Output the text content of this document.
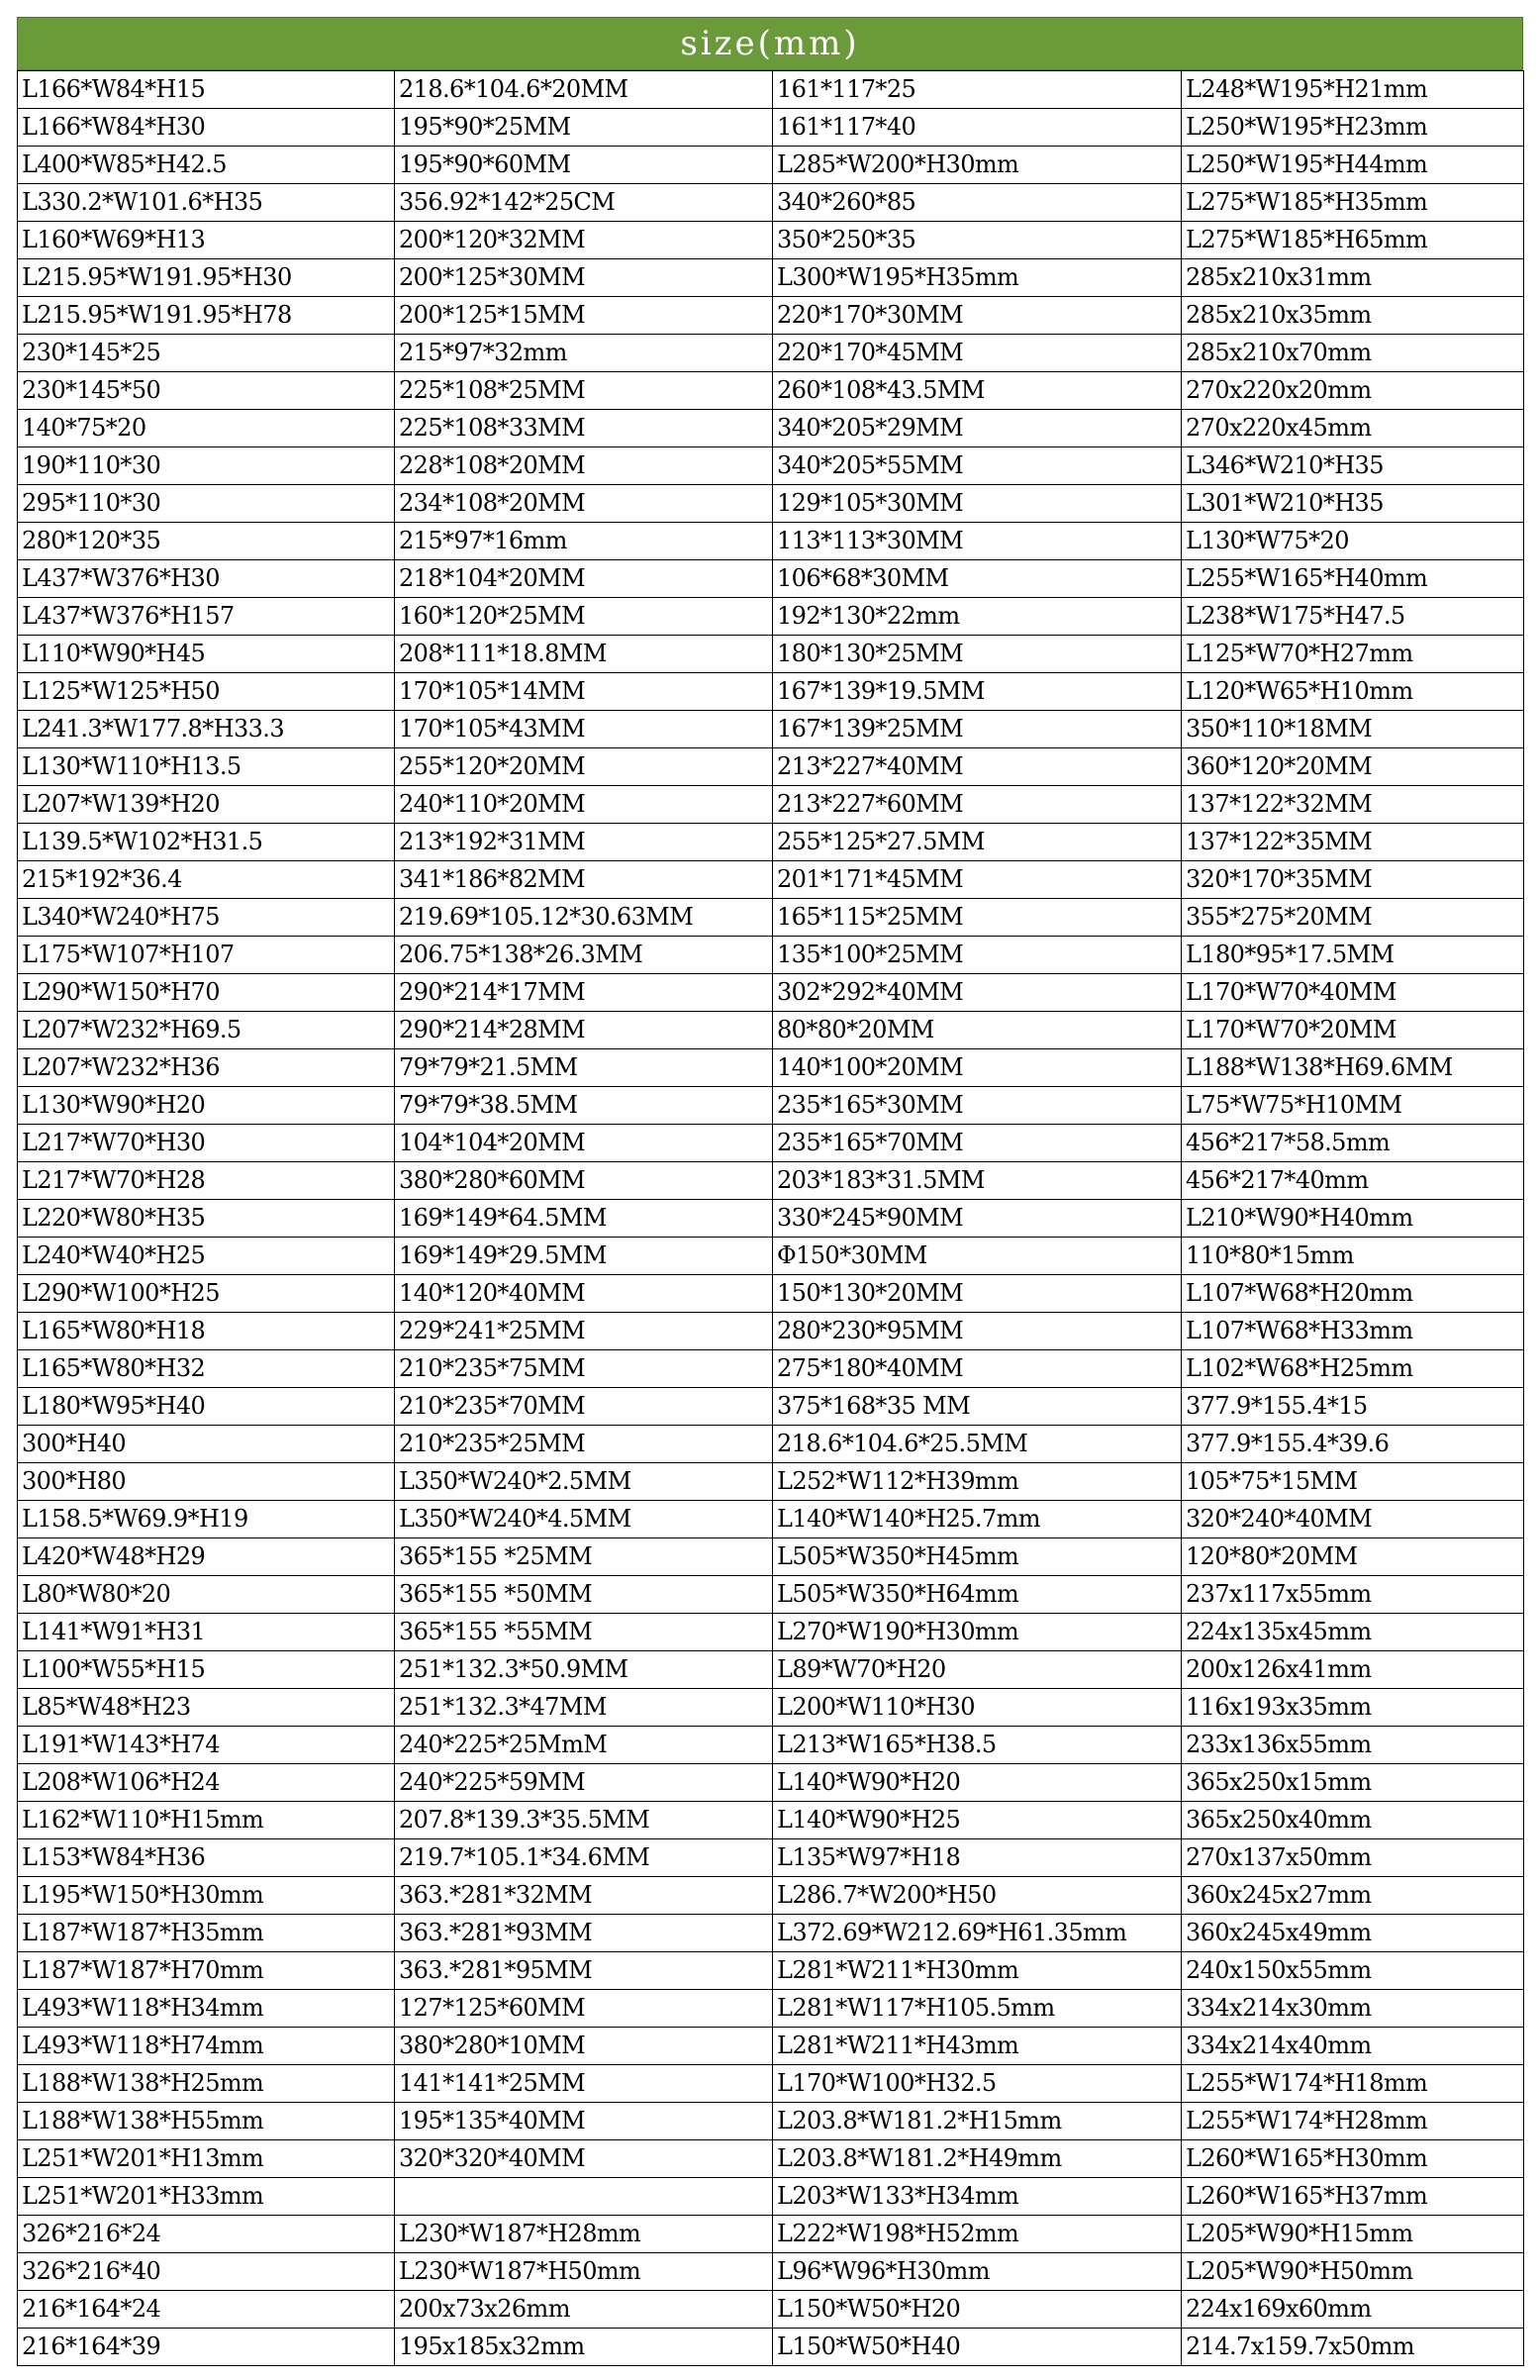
size(mm)
L166*W84*H15	218.6*104.6*20MM	161*117*25	L248*W195*H21mm
L166*W84*H30	195*90*25MM	161*117*40	L250*W195*H23mm
L400*W85*H42.5	195*90*60MM	L285*W200*H30mm	L250*W195*H44mm
L330.2*W101.6*H35	356.92*142*25CM	340*260*85	L275*W185*H35mm
L160*W69*H13	200*120*32MM	350*250*35	L275*W185*H65mm
L215.95*W191.95*H30	200*125*30MM	L300*W195*H35mm	285x210x31mm
L215.95*W191.95*H78	200*125*15MM	220*170*30MM	285x210x35mm
230*145*25	215*97*32mm	220*170*45MM	285x210x70mm
230*145*50	225*108*25MM	260*108*43.5MM	270x220x20mm
140*75*20	225*108*33MM	340*205*29MM	270x220x45mm
190*110*30	228*108*20MM	340*205*55MM	L346*W210*H35
295*110*30	234*108*20MM	129*105*30MM	L301*W210*H35
280*120*35	215*97*16mm	113*113*30MM	L130*W75*20
L437*W376*H30	218*104*20MM	106*68*30MM	L255*W165*H40mm
L437*W376*H157	160*120*25MM	192*130*22mm	L238*W175*H47.5
L110*W90*H45	208*111*18.8MM	180*130*25MM	L125*W70*H27mm
L125*W125*H50	170*105*14MM	167*139*19.5MM	L120*W65*H10mm
L241.3*W177.8*H33.3	170*105*43MM	167*139*25MM	350*110*18MM
L130*W110*H13.5	255*120*20MM	213*227*40MM	360*120*20MM
L207*W139*H20	240*110*20MM	213*227*60MM	137*122*32MM
L139.5*W102*H31.5	213*192*31MM	255*125*27.5MM	137*122*35MM
215*192*36.4	341*186*82MM	201*171*45MM	320*170*35MM
L340*W240*H75	219.69*105.12*30.63MM	165*115*25MM	355*275*20MM
L175*W107*H107	206.75*138*26.3MM	135*100*25MM	L180*95*17.5MM
L290*W150*H70	290*214*17MM	302*292*40MM	L170*W70*40MM
L207*W232*H69.5	290*214*28MM	80*80*20MM	L170*W70*20MM
L207*W232*H36	79*79*21.5MM	140*100*20MM	L188*W138*H69.6MM
L130*W90*H20	79*79*38.5MM	235*165*30MM	L75*W75*H10MM
L217*W70*H30	104*104*20MM	235*165*70MM	456*217*58.5mm
L217*W70*H28	380*280*60MM	203*183*31.5MM	456*217*40mm
L220*W80*H35	169*149*64.5MM	330*245*90MM	L210*W90*H40mm
L240*W40*H25	169*149*29.5MM	Φ150*30MM	110*80*15mm
L290*W100*H25	140*120*40MM	150*130*20MM	L107*W68*H20mm
L165*W80*H18	229*241*25MM	280*230*95MM	L107*W68*H33mm
L165*W80*H32	210*235*75MM	275*180*40MM	L102*W68*H25mm
L180*W95*H40	210*235*70MM	375*168*35 MM	377.9*155.4*15
300*H40	210*235*25MM	218.6*104.6*25.5MM	377.9*155.4*39.6
300*H80	L350*W240*2.5MM	L252*W112*H39mm	105*75*15MM
L158.5*W69.9*H19	L350*W240*4.5MM	L140*W140*H25.7mm	320*240*40MM
L420*W48*H29	365*155 *25MM	L505*W350*H45mm	120*80*20MM
L80*W80*20	365*155 *50MM	L505*W350*H64mm	237x117x55mm
L141*W91*H31	365*155 *55MM	L270*W190*H30mm	224x135x45mm
L100*W55*H15	251*132.3*50.9MM	L89*W70*H20	200x126x41mm
L85*W48*H23	251*132.3*47MM	L200*W110*H30	116x193x35mm
L191*W143*H74	240*225*25MmM	L213*W165*H38.5	233x136x55mm
L208*W106*H24	240*225*59MM	L140*W90*H20	365x250x15mm
L162*W110*H15mm	207.8*139.3*35.5MM	L140*W90*H25	365x250x40mm
L153*W84*H36	219.7*105.1*34.6MM	L135*W97*H18	270x137x50mm
L195*W150*H30mm	363.*281*32MM	L286.7*W200*H50	360x245x27mm
L187*W187*H35mm	363.*281*93MM	L372.69*W212.69*H61.35mm	360x245x49mm
L187*W187*H70mm	363.*281*95MM	L281*W211*H30mm	240x150x55mm
L493*W118*H34mm	127*125*60MM	L281*W117*H105.5mm	334x214x30mm
L493*W118*H74mm	380*280*10MM	L281*W211*H43mm	334x214x40mm
L188*W138*H25mm	141*141*25MM	L170*W100*H32.5	L255*W174*H18mm
L188*W138*H55mm	195*135*40MM	L203.8*W181.2*H15mm	L255*W174*H28mm
L251*W201*H13mm	320*320*40MM	L203.8*W181.2*H49mm	L260*W165*H30mm
L251*W201*H33mm		L203*W133*H34mm	L260*W165*H37mm
326*216*24	L230*W187*H28mm	L222*W198*H52mm	L205*W90*H15mm
326*216*40	L230*W187*H50mm	L96*W96*H30mm	L205*W90*H50mm
216*164*24	200x73x26mm	L150*W50*H20	224x169x60mm
216*164*39	195x185x32mm	L150*W50*H40	214.7x159.7x50mm
